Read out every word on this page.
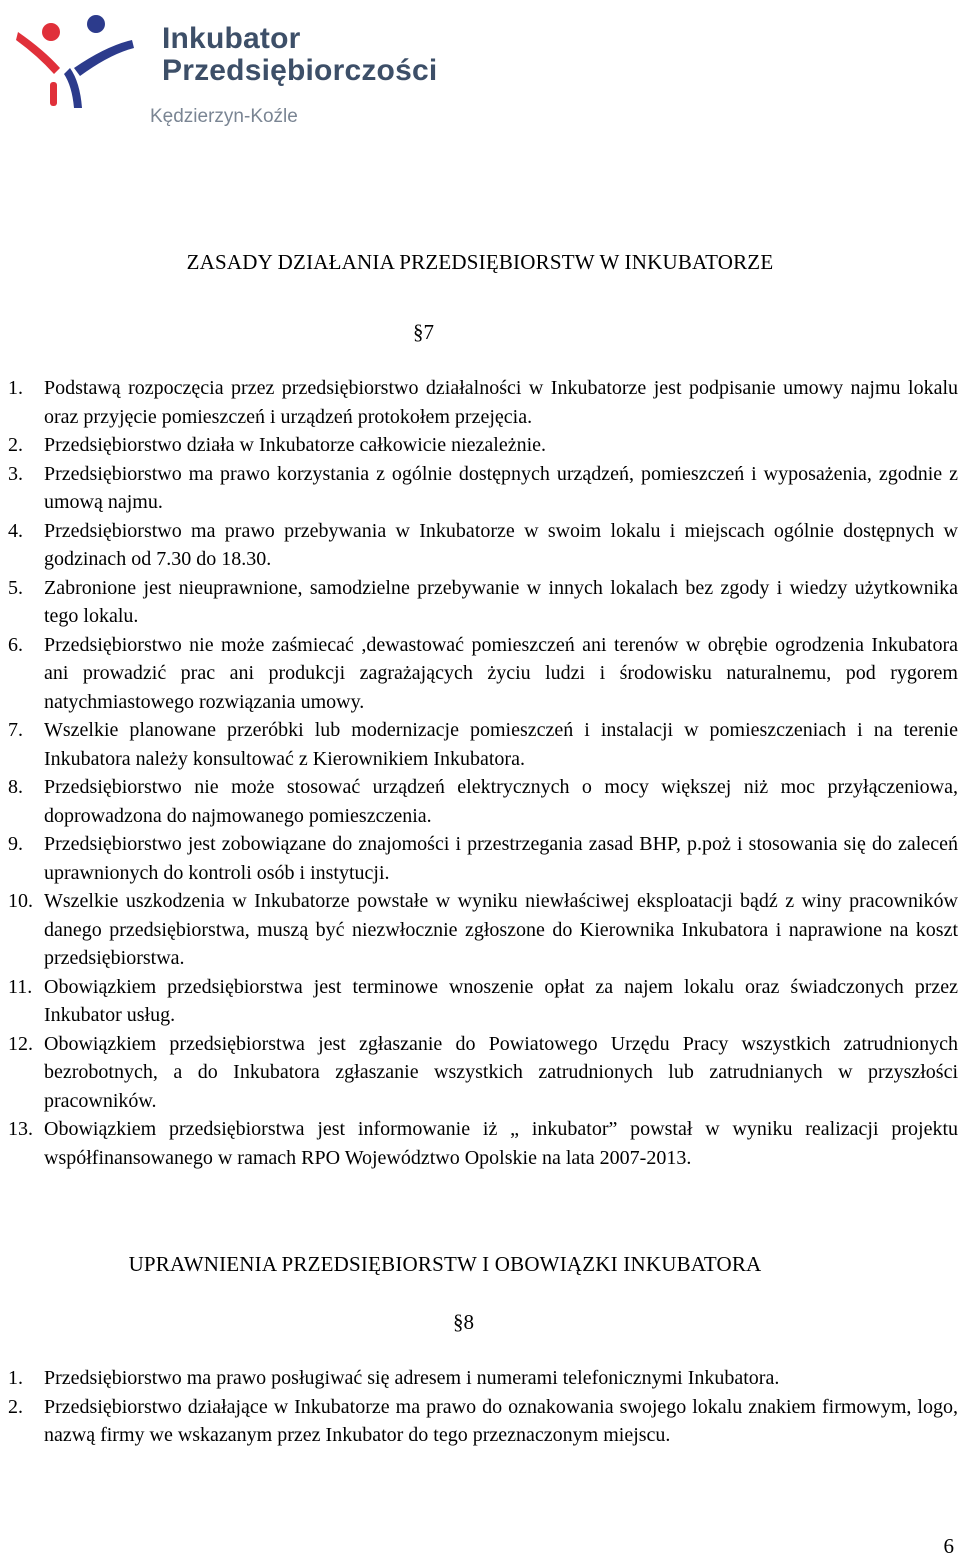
Inkubator
Przedsiębiorczości
Kędzierzyn-Koźle
ZASADY DZIAŁANIA PRZEDSIĘBIORSTW W INKUBATORZE
§7
1.	Podstawą rozpoczęcia przez przedsiębiorstwo działalności w Inkubatorze jest podpisanie umowy najmu lokalu oraz przyjęcie pomieszczeń i urządzeń protokołem przejęcia.
2.	Przedsiębiorstwo działa w Inkubatorze całkowicie niezależnie.
3.	Przedsiębiorstwo ma prawo korzystania z ogólnie dostępnych urządzeń, pomieszczeń i wyposażenia, zgodnie z umową najmu.
4.	Przedsiębiorstwo ma prawo przebywania w Inkubatorze w swoim lokalu i miejscach ogólnie dostępnych w godzinach od 7.30 do 18.30.
5.	Zabronione jest nieuprawnione, samodzielne przebywanie w innych lokalach bez zgody i wiedzy użytkownika tego lokalu.
6.	Przedsiębiorstwo nie może zaśmiecać ,dewastować pomieszczeń ani terenów w obrębie ogrodzenia Inkubatora ani prowadzić prac ani produkcji zagrażających życiu ludzi i środowisku naturalnemu, pod rygorem natychmiastowego rozwiązania umowy.
7.	Wszelkie planowane przeróbki lub modernizacje pomieszczeń i instalacji w pomieszczeniach i na terenie Inkubatora należy konsultować z Kierownikiem Inkubatora.
8.	Przedsiębiorstwo nie może stosować urządzeń elektrycznych o mocy większej niż moc przyłączeniowa, doprowadzona do najmowanego pomieszczenia.
9.	Przedsiębiorstwo jest zobowiązane do znajomości i przestrzegania zasad BHP, p.poż i stosowania się do zaleceń uprawnionych do kontroli osób i instytucji.
10. Wszelkie uszkodzenia w Inkubatorze powstałe w wyniku niewłaściwej eksploatacji bądź z winy pracowników danego przedsiębiorstwa, muszą być niezwłocznie zgłoszone do Kierownika Inkubatora i naprawione na koszt przedsiębiorstwa.
11. Obowiązkiem przedsiębiorstwa jest terminowe wnoszenie opłat za najem lokalu oraz świadczonych przez Inkubator usług.
12. Obowiązkiem przedsiębiorstwa jest zgłaszanie do Powiatowego Urzędu Pracy wszystkich zatrudnionych bezrobotnych, a do Inkubatora zgłaszanie wszystkich zatrudnionych lub zatrudnianych w przyszłości pracowników.
13. Obowiązkiem przedsiębiorstwa jest informowanie iż „ inkubator” powstał w wyniku realizacji projektu współfinansowanego w ramach RPO Województwo Opolskie na lata 2007-2013.
UPRAWNIENIA PRZEDSIĘBIORSTW I OBOWIĄZKI INKUBATORA
§8
1.	Przedsiębiorstwo ma prawo posługiwać się adresem i numerami telefonicznymi Inkubatora.
2.	Przedsiębiorstwo działające w Inkubatorze ma prawo do oznakowania swojego lokalu znakiem firmowym, logo, nazwą firmy we wskazanym przez Inkubator do tego przeznaczonym miejscu.
6
